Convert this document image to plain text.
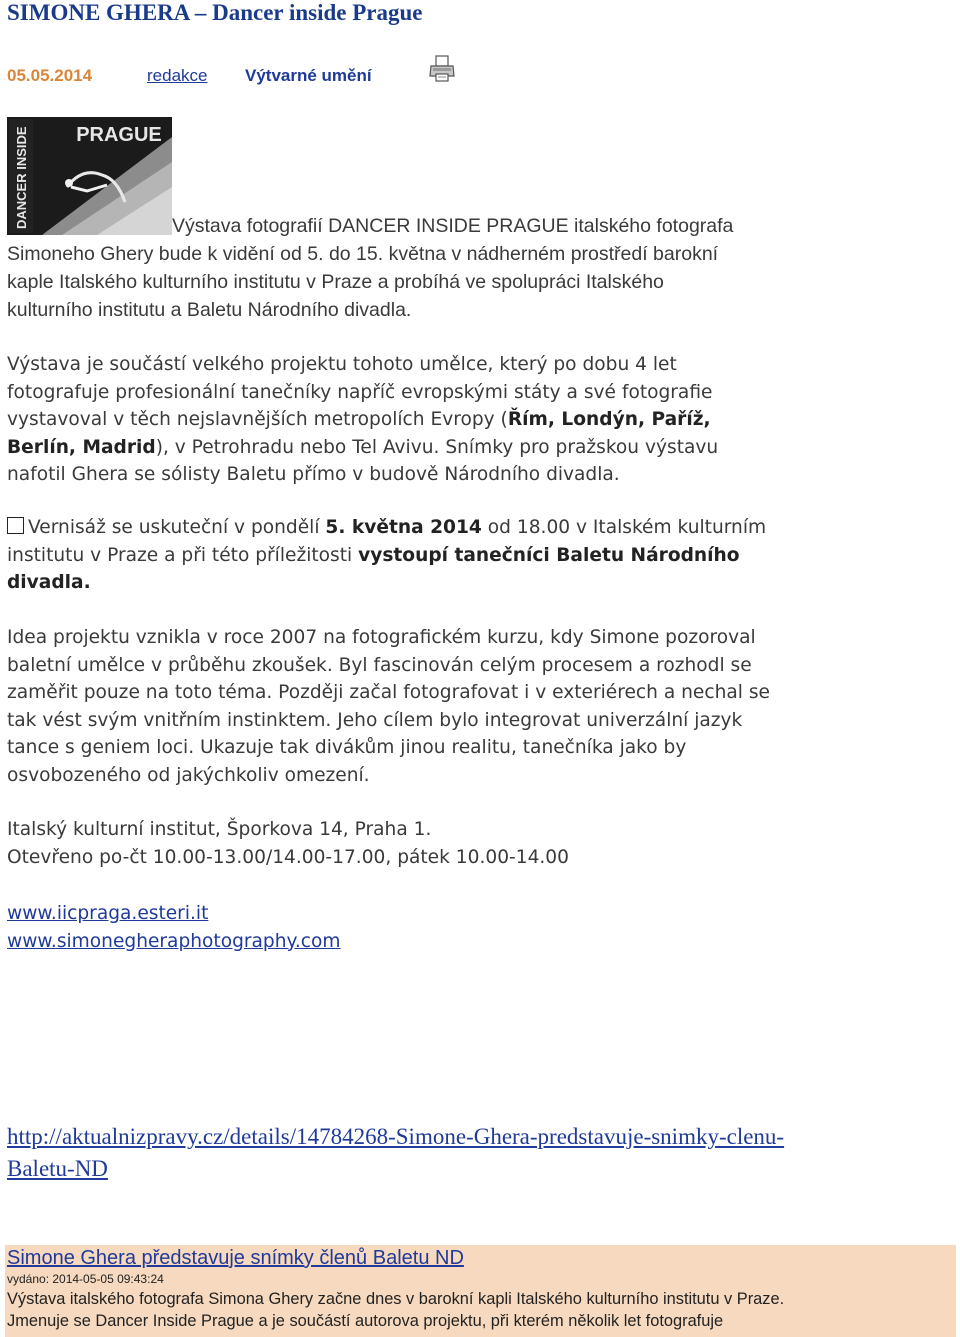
SIMONE GHERA – Dancer inside Prague
05.05.2014	redakce Výtvarné umění
PRAGUE
DANCER INSIDE	Výstava fotografií DANCER INSIDE PRAGUE italského fotografa
Simoneho Ghery bude k vidění od 5. do 15. května v nádherném prostředí barokní
kaple Italského kulturního institutu v Praze a probíhá ve spolupráci Italského
kulturního institutu a Baletu Národního divadla.

Výstava je součástí velkého projektu tohoto umělce, který po dobu 4 let
fotografuje profesionální tanečníky napříč evropskými státy a své fotografie
vystavoval v těch nejslavnějších metropolích Evropy (Řím, Londýn, Paříž,
Berlín, Madrid), v Petrohradu nebo Tel Avivu. Snímky pro pražskou výstavu
nafotil Ghera se sólisty Baletu přímo v budově Národního divadla.

Vernisáž se uskuteční v pondělí 5. května 2014 od 18.00 v Italském kulturním
institutu v Praze a při této příležitosti vystoupí tanečníci Baletu Národního
divadla.

Idea projektu vznikla v roce 2007 na fotografickém kurzu, kdy Simone pozoroval
baletní umělce v průběhu zkoušek. Byl fascinován celým procesem a rozhodl se
zaměřit pouze na toto téma. Později začal fotografovat i v exteriérech a nechal se
tak vést svým vnitřním instinktem. Jeho cílem bylo integrovat univerzální jazyk
tance s geniem loci. Ukazuje tak divákům jinou realitu, tanečníka jako by
osvobozeného od jakýchkoliv omezení.

Italský kulturní institut, Šporkova 14, Praha 1.
Otevřeno po-čt 10.00-13.00/14.00-17.00, pátek 10.00-14.00

www.iicpraga.esteri.it
www.simonegheraphotography.com

http://aktualnizpravy.cz/details/14784268-Simone-Ghera-predstavuje-snimky-clenu-
Baletu-ND

Simone Ghera představuje snímky členů Baletu ND
vydáno: 2014-05-05 09:43:24
Výstava italského fotografa Simona Ghery začne dnes v barokní kapli Italského kulturního institutu v Praze.
Jmenuje se Dancer Inside Prague a je součástí autorova projektu, při kterém několik let fotografuje
